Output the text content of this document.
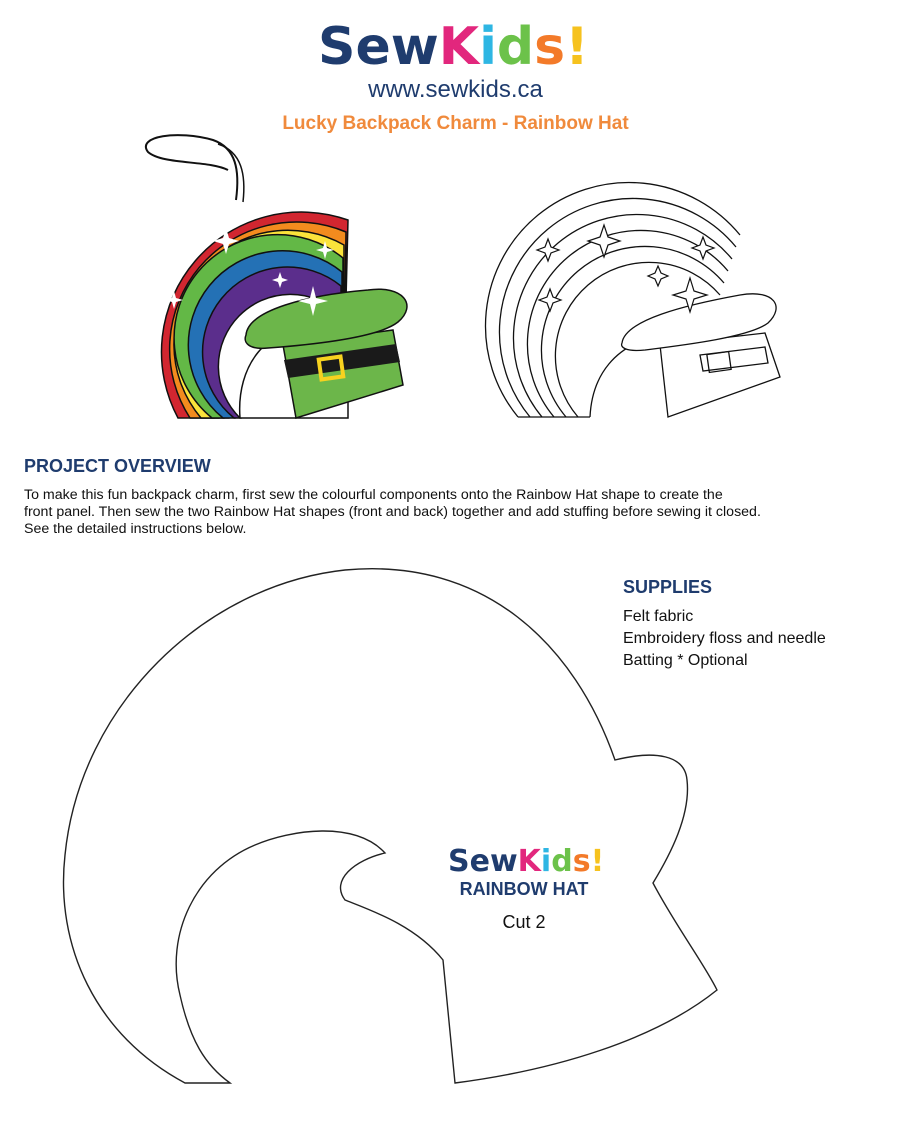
SewKids!
www.sewkids.ca
Lucky Backpack Charm - Rainbow Hat
PROJECT OVERVIEW
To make this fun backpack charm, first sew the colourful components onto the Rainbow Hat shape to create the
front panel. Then sew the two Rainbow Hat shapes (front and back) together and add stuffing before sewing it closed.
See the detailed instructions below.
SUPPLIES
Felt fabric
Embroidery floss and needle
Batting * Optional
SewKids!
RAINBOW HAT
Cut 2
